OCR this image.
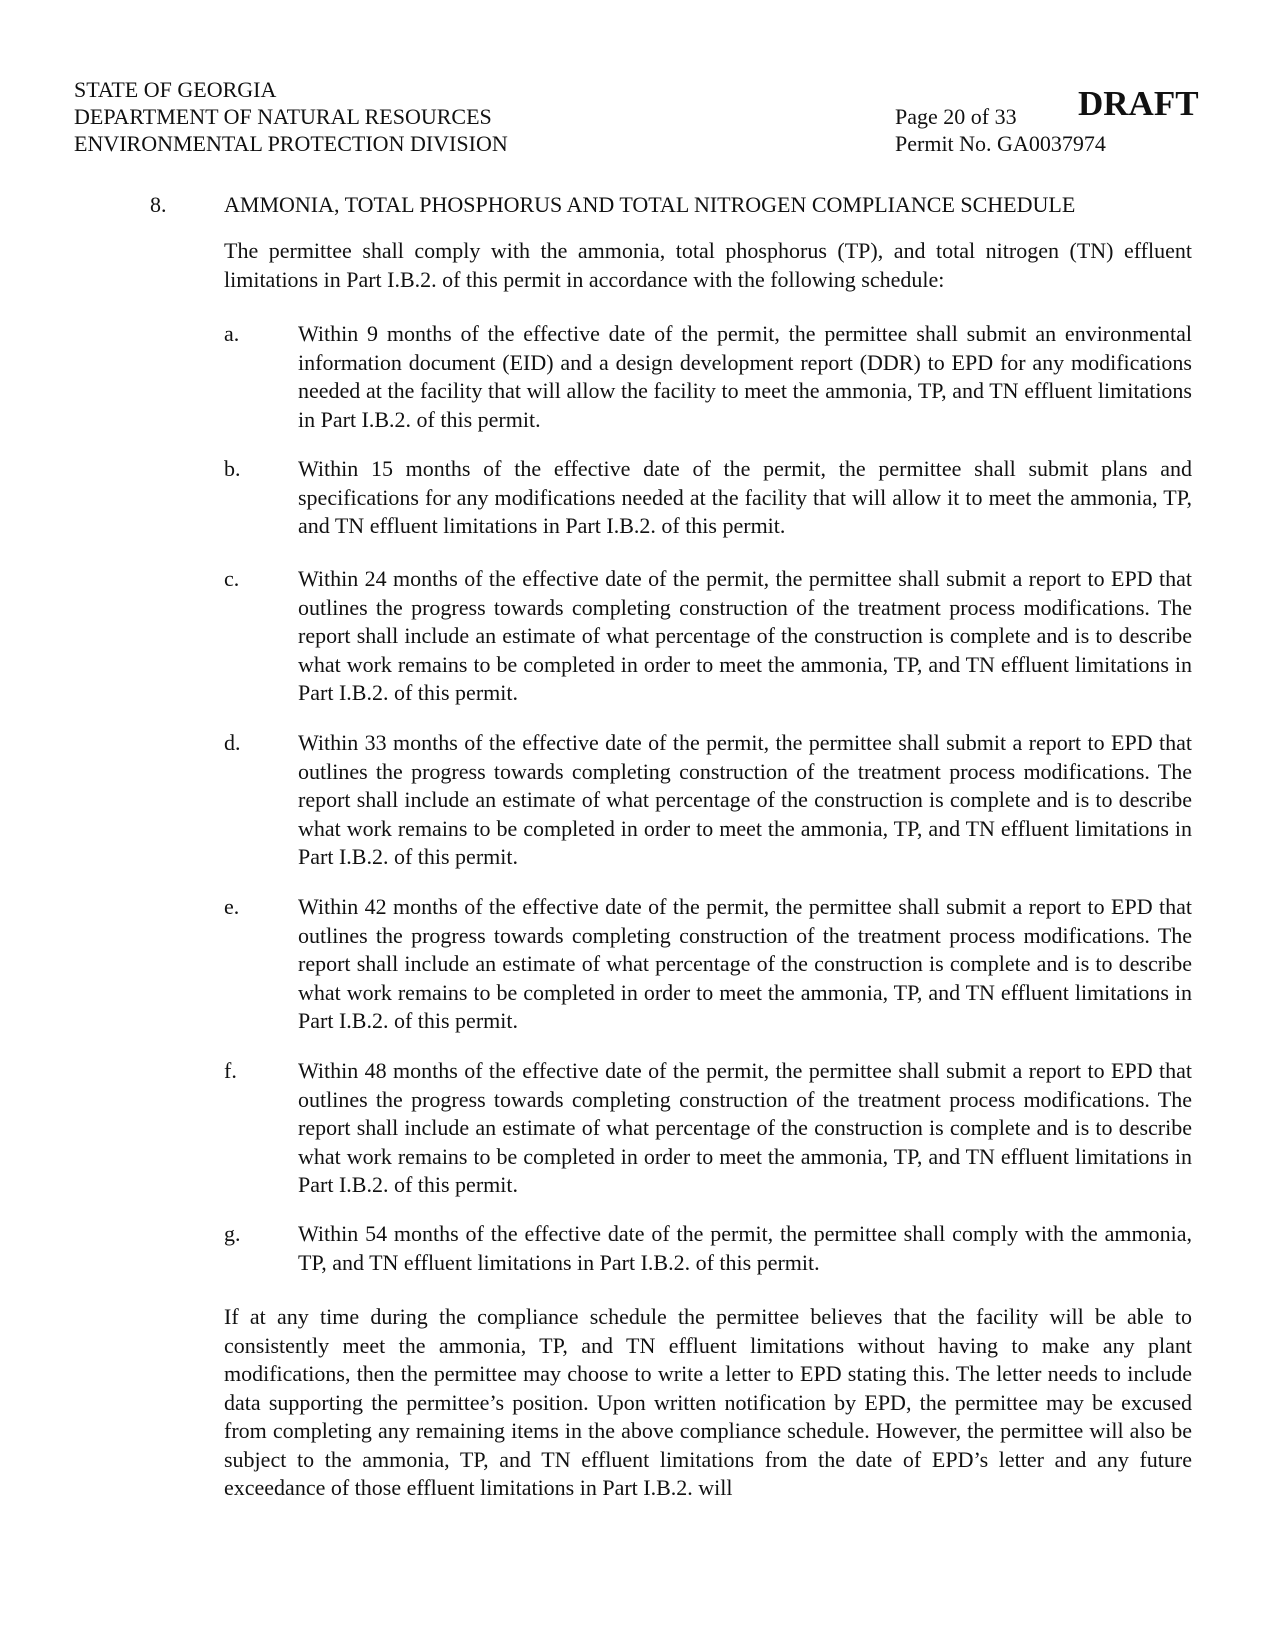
STATE OF GEORGIA
DEPARTMENT OF NATURAL RESOURCES
ENVIRONMENTAL PROTECTION DIVISION
Page 20 of 33
Permit No. GA0037974
DRAFT
8.	AMMONIA, TOTAL PHOSPHORUS AND TOTAL NITROGEN COMPLIANCE SCHEDULE

The permittee shall comply with the ammonia, total phosphorus (TP), and total nitrogen (TN) effluent limitations in Part I.B.2. of this permit in accordance with the following schedule:

a.	Within 9 months of the effective date of the permit, the permittee shall submit an environmental information document (EID) and a design development report (DDR) to EPD for any modifications needed at the facility that will allow the facility to meet the ammonia, TP, and TN effluent limitations in Part I.B.2. of this permit.

b.	Within 15 months of the effective date of the permit, the permittee shall submit plans and specifications for any modifications needed at the facility that will allow it to meet the ammonia, TP, and TN effluent limitations in Part I.B.2. of this permit.

c.	Within 24 months of the effective date of the permit, the permittee shall submit a report to EPD that outlines the progress towards completing construction of the treatment process modifications. The report shall include an estimate of what percentage of the construction is complete and is to describe what work remains to be completed in order to meet the ammonia, TP, and TN effluent limitations in Part I.B.2. of this permit.

d.	Within 33 months of the effective date of the permit, the permittee shall submit a report to EPD that outlines the progress towards completing construction of the treatment process modifications. The report shall include an estimate of what percentage of the construction is complete and is to describe what work remains to be completed in order to meet the ammonia, TP, and TN effluent limitations in Part I.B.2. of this permit.

e.	Within 42 months of the effective date of the permit, the permittee shall submit a report to EPD that outlines the progress towards completing construction of the treatment process modifications. The report shall include an estimate of what percentage of the construction is complete and is to describe what work remains to be completed in order to meet the ammonia, TP, and TN effluent limitations in Part I.B.2. of this permit.

f.	Within 48 months of the effective date of the permit, the permittee shall submit a report to EPD that outlines the progress towards completing construction of the treatment process modifications. The report shall include an estimate of what percentage of the construction is complete and is to describe what work remains to be completed in order to meet the ammonia, TP, and TN effluent limitations in Part I.B.2. of this permit.

g.	Within 54 months of the effective date of the permit, the permittee shall comply with the ammonia, TP, and TN effluent limitations in Part I.B.2. of this permit.

If at any time during the compliance schedule the permittee believes that the facility will be able to consistently meet the ammonia, TP, and TN effluent limitations without having to make any plant modifications, then the permittee may choose to write a letter to EPD stating this. The letter needs to include data supporting the permittee’s position. Upon written notification by EPD, the permittee may be excused from completing any remaining items in the above compliance schedule. However, the permittee will also be subject to the ammonia, TP, and TN effluent limitations from the date of EPD’s letter and any future exceedance of those effluent limitations in Part I.B.2. will
